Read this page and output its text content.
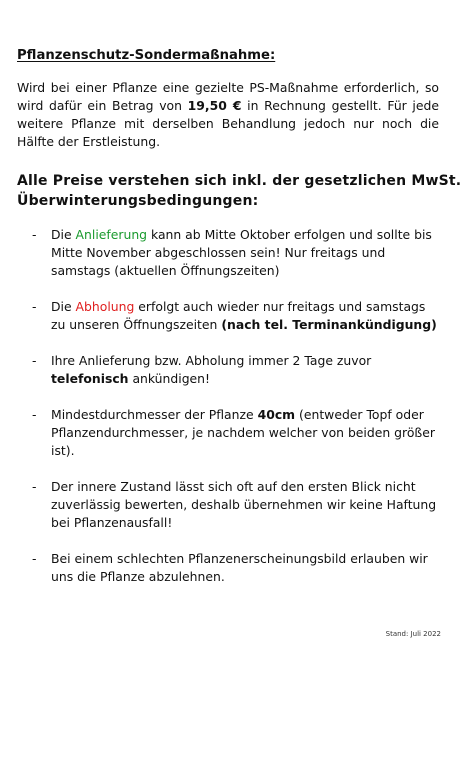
Pflanzenschutz-Sondermaßnahme:
Wird bei einer Pflanze eine gezielte PS-Maßnahme erforderlich, so wird dafür ein Betrag von 19,50 € in Rechnung gestellt. Für jede weitere Pflanze mit derselben Behandlung jedoch nur noch die Hälfte der Erstleistung.
Alle Preise verstehen sich inkl. der gesetzlichen MwSt.
Überwinterungsbedingungen:
- Die Anlieferung kann ab Mitte Oktober erfolgen und sollte bis Mitte November abgeschlossen sein! Nur freitags und samstags (aktuellen Öffnungszeiten)
- Die Abholung erfolgt auch wieder nur freitags und samstags zu unseren Öffnungszeiten (nach tel. Terminankündigung)
- Ihre Anlieferung bzw. Abholung immer 2 Tage zuvor telefonisch ankündigen!
- Mindestdurchmesser der Pflanze 40cm (entweder Topf oder Pflanzendurchmesser, je nachdem welcher von beiden größer ist).
- Der innere Zustand lässt sich oft auf den ersten Blick nicht zuverlässig bewerten, deshalb übernehmen wir keine Haftung bei Pflanzenausfall!
- Bei einem schlechten Pflanzenerscheinungsbild erlauben wir uns die Pflanze abzulehnen.
Stand: Juli 2022
